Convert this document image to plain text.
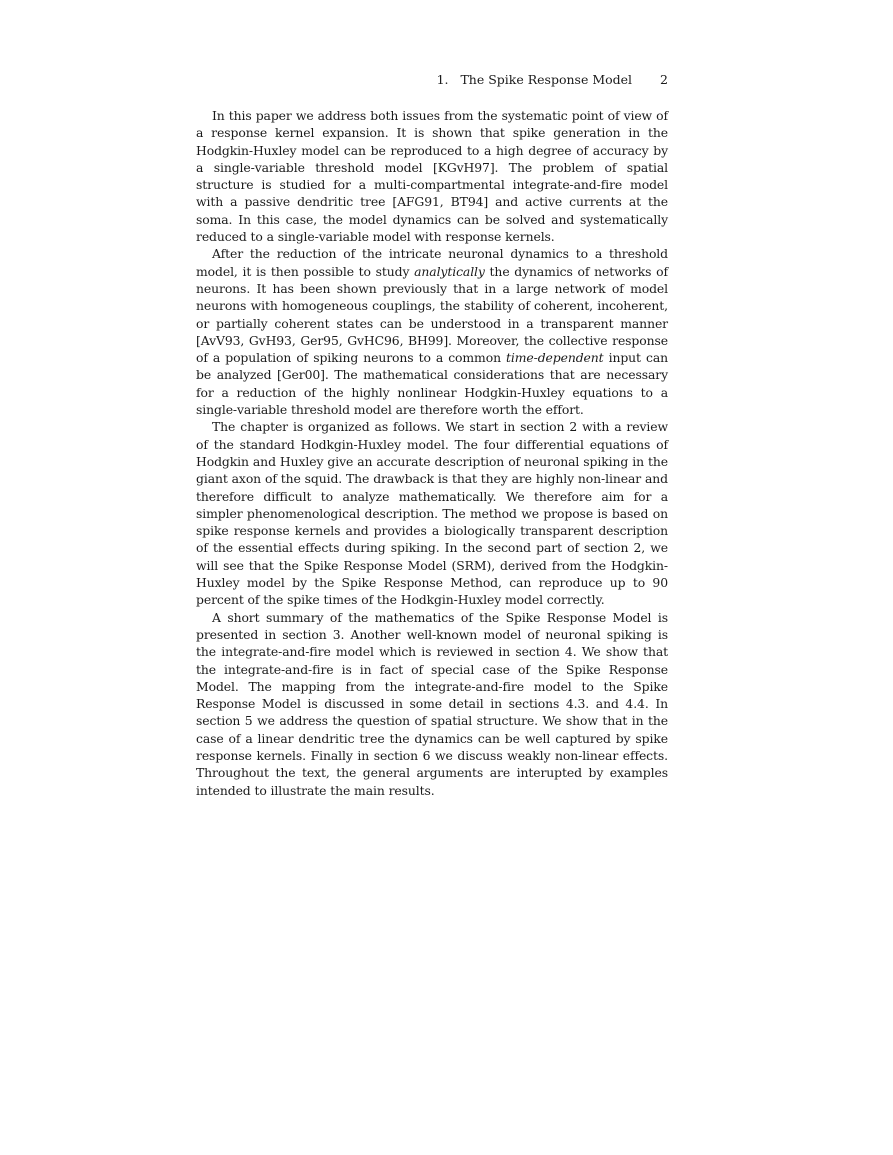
1. The Spike Response Model 2

In this paper we address both issues from the systematic point of view of a response kernel expansion. It is shown that spike generation in the Hodgkin-Huxley model can be reproduced to a high degree of accuracy by a single-variable threshold model [KGvH97]. The problem of spatial structure is studied for a multi-compartmental integrate-and-fire model with a passive dendritic tree [AFG91, BT94] and active currents at the soma. In this case, the model dynamics can be solved and systematically reduced to a single-variable model with response kernels.

After the reduction of the intricate neuronal dynamics to a threshold model, it is then possible to study analytically the dynamics of networks of neurons. It has been shown previously that in a large network of model neurons with homogeneous couplings, the stability of coherent, incoherent, or partially coherent states can be understood in a transparent manner [AvV93, GvH93, Ger95, GvHC96, BH99]. Moreover, the collective response of a population of spiking neurons to a common time-dependent input can be analyzed [Ger00]. The mathematical considerations that are necessary for a reduction of the highly nonlinear Hodgkin-Huxley equations to a single-variable threshold model are therefore worth the effort.

The chapter is organized as follows. We start in section 2 with a review of the standard Hodkgin-Huxley model. The four differential equations of Hodgkin and Huxley give an accurate description of neuronal spiking in the giant axon of the squid. The drawback is that they are highly non-linear and therefore difficult to analyze mathematically. We therefore aim for a simpler phenomenological description. The method we propose is based on spike response kernels and provides a biologically transparent description of the essential effects during spiking. In the second part of section 2, we will see that the Spike Response Model (SRM), derived from the Hodgkin-Huxley model by the Spike Response Method, can reproduce up to 90 percent of the spike times of the Hodkgin-Huxley model correctly.

A short summary of the mathematics of the Spike Response Model is presented in section 3. Another well-known model of neuronal spiking is the integrate-and-fire model which is reviewed in section 4. We show that the integrate-and-fire is in fact of special case of the Spike Response Model. The mapping from the integrate-and-fire model to the Spike Response Model is discussed in some detail in sections 4.3. and 4.4. In section 5 we address the question of spatial structure. We show that in the case of a linear dendritic tree the dynamics can be well captured by spike response kernels. Finally in section 6 we discuss weakly non-linear effects. Throughout the text, the general arguments are interupted by examples intended to illustrate the main results.
